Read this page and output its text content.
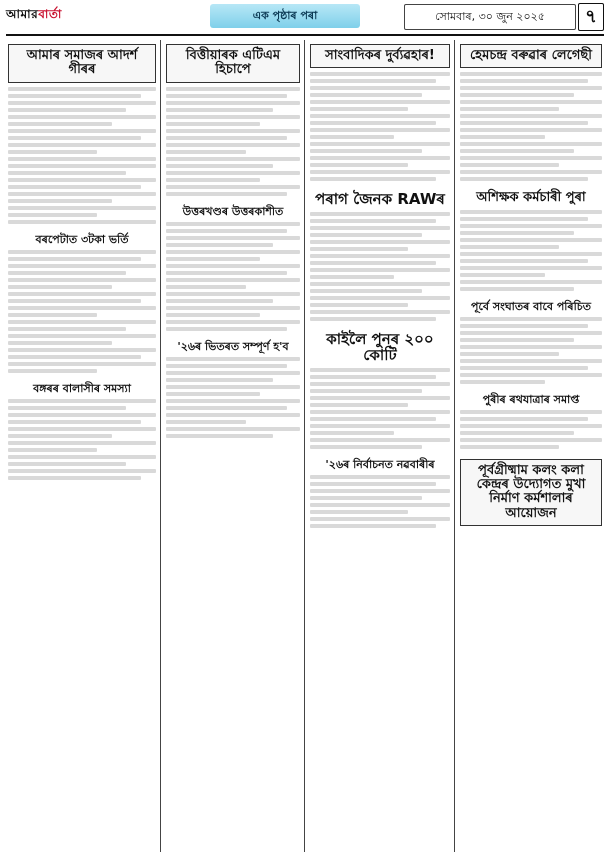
আমারবার্তা	এক পৃষ্ঠাৰ পৰা	সোমবাৰ, ৩০ জুন ২০২৫	৭
আমাৰ সমাজৰ আদৰ্শ গীৰৰ
বৰপেটাত ৩টকা ভৰ্তি
বঙ্গৰৰ বালাসীৰ সমস্যা
বিত্তীয়াৰক এটিএম হিচাপে
উত্তৰখণ্ডৰ উত্তৰকাশীত
'২৬ৰ ভিতৰত সম্পূৰ্ণ হ'ব
সাংবাদিকৰ দুৰ্ব্যৱহাৰ!
পৰাগ জৈনক RAWৰ
কাইলৈ পুনৰ ২০০ কোটি
'২৬ৰ নিৰ্বাচনত নৱবাৰীৰ
হেমচন্দ্ৰ বৰুৱাৰ লেগেছী
অশিক্ষক কৰ্মচাৰী পুৰা
পূৰ্বে সংঘাতৰ বাবে পৰিচিত
পুৰীৰ ৰথযাত্ৰাৰ সমাপ্ত
পূৰ্বগ্ৰীষ্মাম কলং কলা
কেন্দ্ৰৰ উদ্যোগত মুখা
নিৰ্মাণ কৰ্মশালাৰ আয়োজন
